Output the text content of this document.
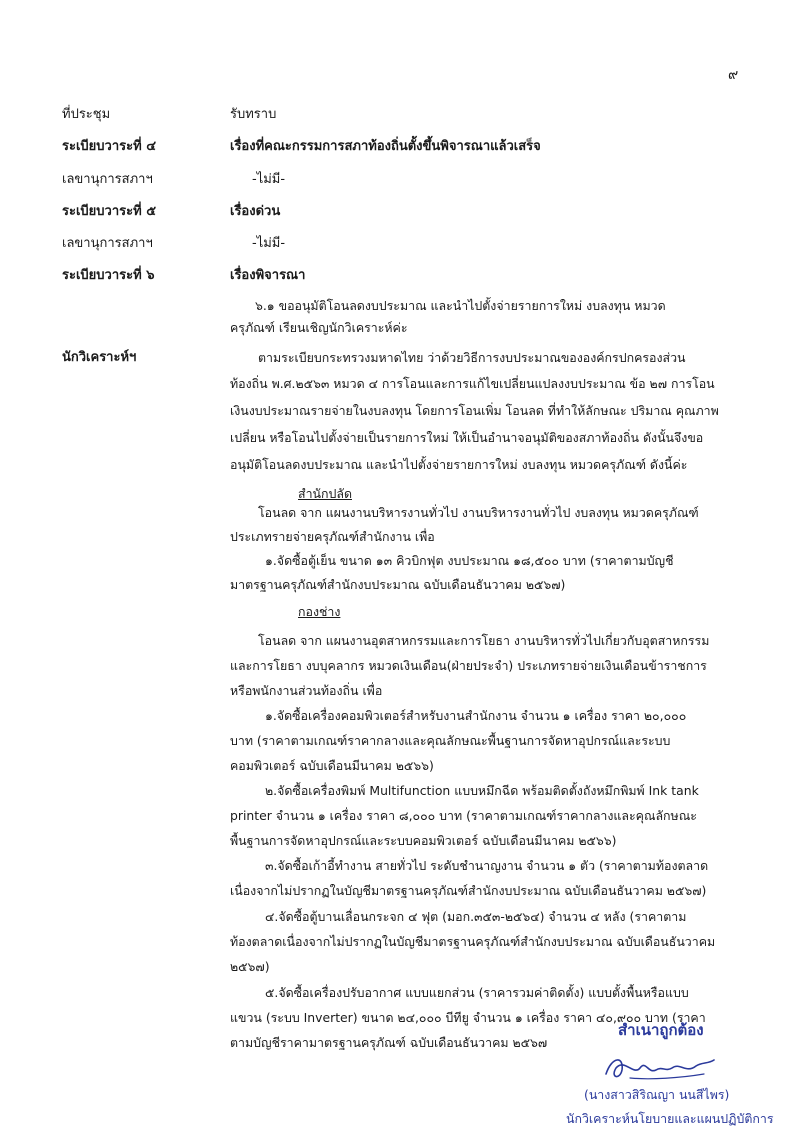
๙
ที่ประชุม	รับทราบ
ระเบียบวาระที่ ๔	เรื่องที่คณะกรรมการสภาท้องถิ่นตั้งขึ้นพิจารณาแล้วเสร็จ
เลขานุการสภาฯ	-ไม่มี-
ระเบียบวาระที่ ๕	เรื่องด่วน
เลขานุการสภาฯ	-ไม่มี-
ระเบียบวาระที่ ๖	เรื่องพิจารณา
๖.๑ ขออนุมัติโอนลดงบประมาณ และนำไปตั้งจ่ายรายการใหม่ งบลงทุน หมวด
ครุภัณฑ์ เรียนเชิญนักวิเคราะห์ค่ะ
นักวิเคราะห์ฯ	ตามระเบียบกระทรวงมหาดไทย ว่าด้วยวิธีการงบประมาณขององค์กรปกครองส่วน
ท้องถิ่น พ.ศ.๒๕๖๓ หมวด ๔ การโอนและการแก้ไขเปลี่ยนแปลงงบประมาณ ข้อ ๒๗ การโอน
เงินงบประมาณรายจ่ายในงบลงทุน โดยการโอนเพิ่ม โอนลด ที่ทำให้ลักษณะ ปริมาณ คุณภาพ
เปลี่ยน หรือโอนไปตั้งจ่ายเป็นรายการใหม่ ให้เป็นอำนาจอนุมัติของสภาท้องถิ่น ดังนั้นจึงขอ
อนุมัติโอนลดงบประมาณ และนำไปตั้งจ่ายรายการใหม่ งบลงทุน หมวดครุภัณฑ์ ดังนี้ค่ะ
สำนักปลัด
โอนลด จาก แผนงานบริหารงานทั่วไป งานบริหารงานทั่วไป งบลงทุน หมวดครุภัณฑ์
ประเภทรายจ่ายครุภัณฑ์สำนักงาน เพื่อ
๑.จัดซื้อตู้เย็น ขนาด ๑๓ คิวบิกฟุต งบประมาณ ๑๘,๕๐๐ บาท (ราคาตามบัญชี
มาตรฐานครุภัณฑ์สำนักงบประมาณ ฉบับเดือนธันวาคม ๒๕๖๗)
กองช่าง
โอนลด จาก แผนงานอุตสาหกรรมและการโยธา งานบริหารทั่วไปเกี่ยวกับอุตสาหกรรม
และการโยธา งบบุคลากร หมวดเงินเดือน(ฝ่ายประจำ) ประเภทรายจ่ายเงินเดือนข้าราชการ
หรือพนักงานส่วนท้องถิ่น เพื่อ
๑.จัดซื้อเครื่องคอมพิวเตอร์สำหรับงานสำนักงาน จำนวน ๑ เครื่อง ราคา ๒๐,๐๐๐
บาท (ราคาตามเกณฑ์ราคากลางและคุณลักษณะพื้นฐานการจัดหาอุปกรณ์และระบบ
คอมพิวเตอร์ ฉบับเดือนมีนาคม ๒๕๖๖)
๒.จัดซื้อเครื่องพิมพ์ Multifunction แบบหมึกฉีด พร้อมติดตั้งถังหมึกพิมพ์ Ink tank
printer จำนวน ๑ เครื่อง ราคา ๘,๐๐๐ บาท (ราคาตามเกณฑ์ราคากลางและคุณลักษณะ
พื้นฐานการจัดหาอุปกรณ์และระบบคอมพิวเตอร์ ฉบับเดือนมีนาคม ๒๕๖๖)
๓.จัดซื้อเก้าอี้ทำงาน สายทั่วไป ระดับชำนาญงาน จำนวน ๑ ตัว (ราคาตามท้องตลาด
เนื่องจากไม่ปรากฏในบัญชีมาตรฐานครุภัณฑ์สำนักงบประมาณ ฉบับเดือนธันวาคม ๒๕๖๗)
๔.จัดซื้อตู้บานเลื่อนกระจก ๔ ฟุต (มอก.๓๕๓-๒๕๖๔) จำนวน ๔ หลัง (ราคาตาม
ท้องตลาดเนื่องจากไม่ปรากฏในบัญชีมาตรฐานครุภัณฑ์สำนักงบประมาณ ฉบับเดือนธันวาคม
๒๕๖๗)
๕.จัดซื้อเครื่องปรับอากาศ แบบแยกส่วน (ราคารวมค่าติดตั้ง) แบบตั้งพื้นหรือแบบ
แขวน (ระบบ Inverter) ขนาด ๒๔,๐๐๐ บีทียู จำนวน ๑ เครื่อง ราคา ๔๐,๙๐๐ บาท (ราคา
ตามบัญชีราคามาตรฐานครุภัณฑ์ ฉบับเดือนธันวาคม ๒๕๖๗
สำเนาถูกต้อง
(นางสาวสิริณญา นนสีไพร)
นักวิเคราะห์นโยบายและแผนปฏิบัติการ
